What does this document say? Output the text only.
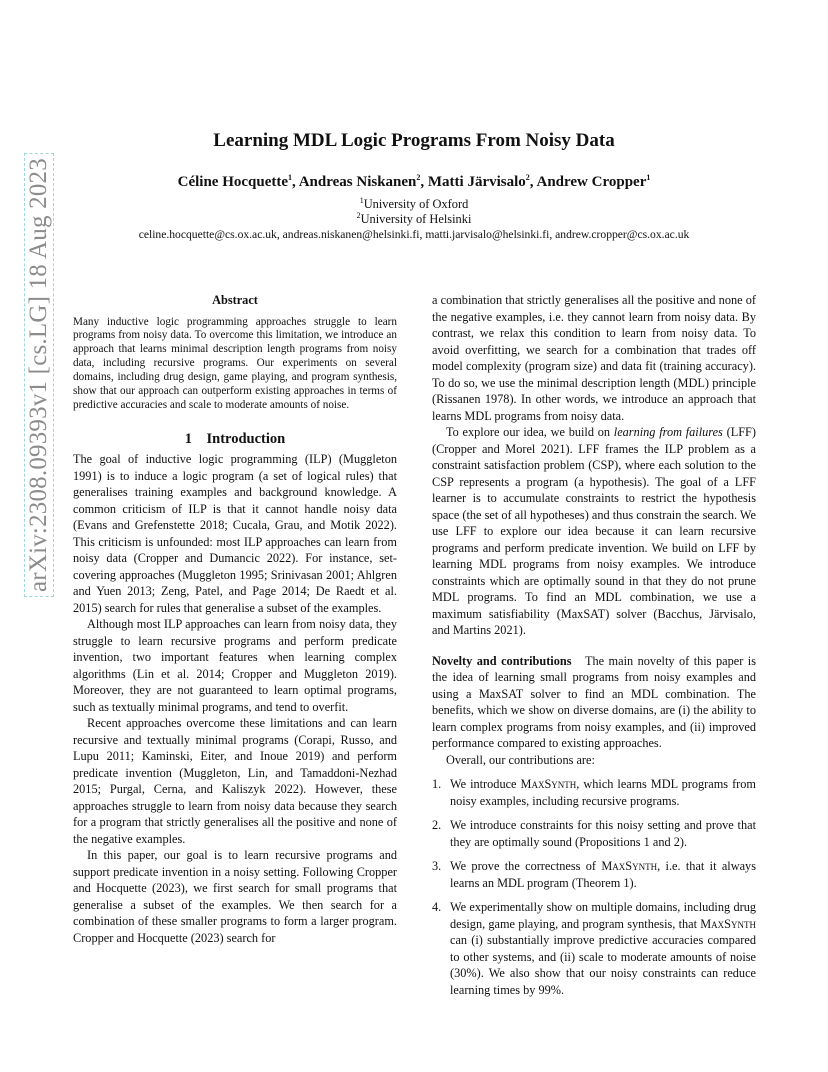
arXiv:2308.09393v1 [cs.LG] 18 Aug 2023
Learning MDL Logic Programs From Noisy Data
Céline Hocquette$^1$, Andreas Niskanen$^2$, Matti Järvisalo$^2$, Andrew Cropper$^1$
$^1$University of Oxford
$^2$University of Helsinki
celine.hocquette@cs.ox.ac.uk, andreas.niskanen@helsinki.fi, matti.jarvisalo@helsinki.fi, andrew.cropper@cs.ox.ac.uk
Abstract

Many inductive logic programming approaches struggle to learn programs from noisy data. To overcome this limitation, we introduce an approach that learns minimal description length programs from noisy data, including recursive programs. Our experiments on several domains, including drug design, game playing, and program synthesis, show that our approach can outperform existing approaches in terms of predictive accuracies and scale to moderate amounts of noise.

1 Introduction

The goal of inductive logic programming (ILP) (Muggleton 1991) is to induce a logic program (a set of logical rules) that generalises training examples and background knowledge. A common criticism of ILP is that it cannot handle noisy data (Evans and Grefenstette 2018; Cucala, Grau, and Motik 2022). This criticism is unfounded: most ILP approaches can learn from noisy data (Cropper and Dumancic 2022). For instance, set-covering approaches (Muggleton 1995; Srinivasan 2001; Ahlgren and Yuen 2013; Zeng, Patel, and Page 2014; De Raedt et al. 2015) search for rules that generalise a subset of the examples.

Although most ILP approaches can learn from noisy data, they struggle to learn recursive programs and perform predicate invention, two important features when learning complex algorithms (Lin et al. 2014; Cropper and Muggleton 2019). Moreover, they are not guaranteed to learn optimal programs, such as textually minimal programs, and tend to overfit.

Recent approaches overcome these limitations and can learn recursive and textually minimal programs (Corapi, Russo, and Lupu 2011; Kaminski, Eiter, and Inoue 2019) and perform predicate invention (Muggleton, Lin, and Tamaddoni-Nezhad 2015; Purgal, Cerna, and Kaliszyk 2022). However, these approaches struggle to learn from noisy data because they search for a program that strictly generalises all the positive and none of the negative examples.

In this paper, our goal is to learn recursive programs and support predicate invention in a noisy setting. Following Cropper and Hocquette (2023), we first search for small programs that generalise a subset of the examples. We then search for a combination of these smaller programs to form a larger program. Cropper and Hocquette (2023) search for

a combination that strictly generalises all the positive and none of the negative examples, i.e. they cannot learn from noisy data. By contrast, we relax this condition to learn from noisy data. To avoid overfitting, we search for a combination that trades off model complexity (program size) and data fit (training accuracy). To do so, we use the minimal description length (MDL) principle (Rissanen 1978). In other words, we introduce an approach that learns MDL programs from noisy data.

To explore our idea, we build on learning from failures (LFF) (Cropper and Morel 2021). LFF frames the ILP problem as a constraint satisfaction problem (CSP), where each solution to the CSP represents a program (a hypothesis). The goal of a LFF learner is to accumulate constraints to restrict the hypothesis space (the set of all hypotheses) and thus constrain the search. We use LFF to explore our idea because it can learn recursive programs and perform predicate invention. We build on LFF by learning MDL programs from noisy examples. We introduce constraints which are optimally sound in that they do not prune MDL programs. To find an MDL combination, we use a maximum satisfiability (MaxSAT) solver (Bacchus, Järvisalo, and Martins 2021).

Novelty and contributions The main novelty of this paper is the idea of learning small programs from noisy examples and using a MaxSAT solver to find an MDL combination. The benefits, which we show on diverse domains, are (i) the ability to learn complex programs from noisy examples, and (ii) improved performance compared to existing approaches.

Overall, our contributions are:

1. We introduce MaxSynth, which learns MDL programs from noisy examples, including recursive programs.
2. We introduce constraints for this noisy setting and prove that they are optimally sound (Propositions 1 and 2).
3. We prove the correctness of MaxSynth, i.e. that it always learns an MDL program (Theorem 1).
4. We experimentally show on multiple domains, including drug design, game playing, and program synthesis, that MaxSynth can (i) substantially improve predictive accuracies compared to other systems, and (ii) scale to moderate amounts of noise (30%). We also show that our noisy constraints can reduce learning times by 99%.
